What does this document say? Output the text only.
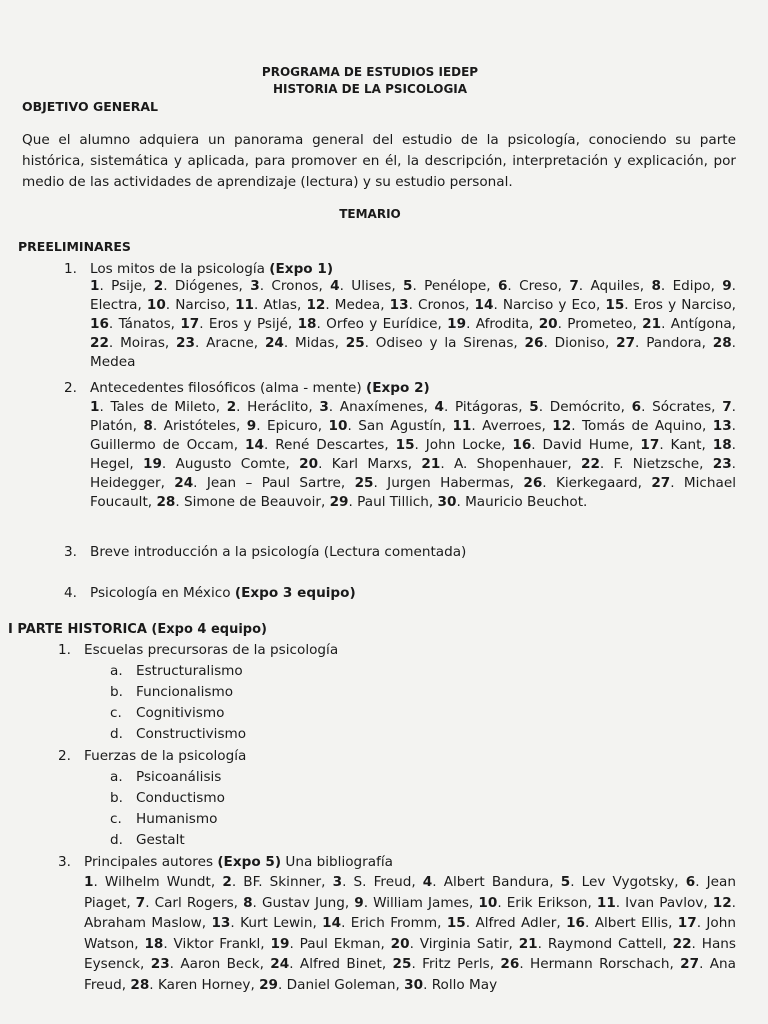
PROGRAMA DE ESTUDIOS IEDEP
HISTORIA DE LA PSICOLOGIA
OBJETIVO GENERAL
Que el alumno adquiera un panorama general del estudio de la psicología, conociendo su parte histórica, sistemática y aplicada, para promover en él, la descripción, interpretación y explicación, por medio de las actividades de aprendizaje (lectura) y su estudio personal.
TEMARIO
PREELIMINARES
1. Los mitos de la psicología (Expo 1)
1. Psije, 2. Diógenes, 3. Cronos, 4. Ulises, 5. Penélope, 6. Creso, 7. Aquiles, 8. Edipo, 9. Electra, 10. Narciso, 11. Atlas, 12. Medea, 13. Cronos, 14. Narciso y Eco, 15. Eros y Narciso, 16. Tánatos, 17. Eros y Psijé, 18. Orfeo y Eurídice, 19. Afrodita, 20. Prometeo, 21. Antígona, 22. Moiras, 23. Aracne, 24. Midas, 25. Odiseo y la Sirenas, 26. Dioniso, 27. Pandora, 28. Medea
2. Antecedentes filosóficos (alma - mente) (Expo 2)
1. Tales de Mileto, 2. Heráclito, 3. Anaxímenes, 4. Pitágoras, 5. Demócrito, 6. Sócrates, 7. Platón, 8. Aristóteles, 9. Epicuro, 10. San Agustín, 11. Averroes, 12. Tomás de Aquino, 13. Guillermo de Occam, 14. René Descartes, 15. John Locke, 16. David Hume, 17. Kant, 18. Hegel, 19. Augusto Comte, 20. Karl Marxs, 21. A. Shopenhauer, 22. F. Nietzsche, 23. Heidegger, 24. Jean – Paul Sartre, 25. Jurgen Habermas, 26. Kierkegaard, 27. Michael Foucault, 28. Simone de Beauvoir, 29. Paul Tillich, 30. Mauricio Beuchot.
3. Breve introducción a la psicología (Lectura comentada)
4. Psicología en México (Expo 3 equipo)
I PARTE HISTORICA (Expo 4 equipo)
1. Escuelas precursoras de la psicología
a. Estructuralismo
b. Funcionalismo
c. Cognitivismo
d. Constructivismo
2. Fuerzas de la psicología
a. Psicoanálisis
b. Conductismo
c. Humanismo
d. Gestalt
3. Principales autores (Expo 5) Una bibliografía
1. Wilhelm Wundt, 2. BF. Skinner, 3. S. Freud, 4. Albert Bandura, 5. Lev Vygotsky, 6. Jean Piaget, 7. Carl Rogers, 8. Gustav Jung, 9. William James, 10. Erik Erikson, 11. Ivan Pavlov, 12. Abraham Maslow, 13. Kurt Lewin, 14. Erich Fromm, 15. Alfred Adler, 16. Albert Ellis, 17. John Watson, 18. Viktor Frankl, 19. Paul Ekman, 20. Virginia Satir, 21. Raymond Cattell, 22. Hans Eysenck, 23. Aaron Beck, 24. Alfred Binet, 25. Fritz Perls, 26. Hermann Rorschach, 27. Ana Freud, 28. Karen Horney, 29. Daniel Goleman, 30. Rollo May
